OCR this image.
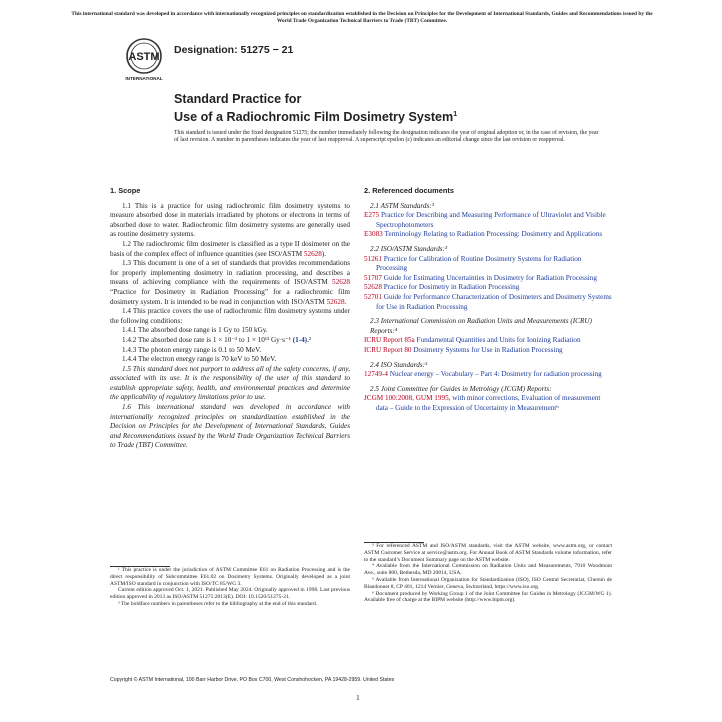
This international standard was developed in accordance with internationally recognized principles on standardization established in the Decision on Principles for the Development of International Standards, Guides and Recommendations issued by the World Trade Organization Technical Barriers to Trade (TBT) Committee.
ASTM
INTERNATIONAL
Designation: 51275 − 21
Standard Practice for
Use of a Radiochromic Film Dosimetry System$^1$
This standard is issued under the fixed designation 51275; the number immediately following the designation indicates the year of original adoption or, in the case of revision, the year of last revision. A number in parentheses indicates the year of last reapproval. A superscript epsilon (ε) indicates an editorial change since the last revision or reapproval.
1. Scope

1.1 This is a practice for using radiochromic film dosimetry systems to measure absorbed dose in materials irradiated by photons or electrons in terms of absorbed dose to water. Radiochromic film dosimetry systems are generally used as routine dosimetry systems.

1.2 The radiochromic film dosimeter is classified as a type II dosimeter on the basis of the complex effect of influence quantities (see ISO/ASTM 52628).

1.3 This document is one of a set of standards that provides recommendations for properly implementing dosimetry in radiation processing, and describes a means of achieving compliance with the requirements of ISO/ASTM 52628 “Practice for Dosimetry in Radiation Processing” for a radiochromic film dosimetry system. It is intended to be read in conjunction with ISO/ASTM 52628.

1.4 This practice covers the use of radiochromic film dosimetry systems under the following conditions:

1.4.1 The absorbed dose range is 1 Gy to 150 kGy.

1.4.2 The absorbed dose rate is 1 × 10⁻² to 1 × 10¹³ Gy·s⁻¹ (1-4).²

1.4.3 The photon energy range is 0.1 to 50 MeV.

1.4.4 The electron energy range is 70 keV to 50 MeV.

1.5 This standard does not purport to address all of the safety concerns, if any, associated with its use. It is the responsibility of the user of this standard to establish appropriate safety, health, and environmental practices and determine the applicability of regulatory limitations prior to use.

1.6 This international standard was developed in accordance with internationally recognized principles on standardization established in the Decision on Principles for the Development of International Standards, Guides and Recommendations issued by the World Trade Organization Technical Barriers to Trade (TBT) Committee.

¹ This practice is under the jurisdiction of ASTM Committee E61 on Radiation Processing and is the direct responsibility of Subcommittee E61.02 on Dosimetry Systems. Originally developed as a joint ASTM/ISO standard in conjunction with ISO/TC 85/WG 3.

Current edition approved Oct. 1, 2021. Published May 2024. Originally approved in 1998. Last previous edition approved in 2013 as ISO/ASTM 51275:2013(E). DOI: 10.1520/51275-21.

² The boldface numbers in parentheses refer to the bibliography at the end of this standard.

2. Referenced documents

2.1 ASTM Standards:³

E275 Practice for Describing and Measuring Performance of Ultraviolet and Visible Spectrophotometers

E3083 Terminology Relating to Radiation Processing: Dosimetry and Applications

2.2 ISO/ASTM Standards:³

51261 Practice for Calibration of Routine Dosimetry Systems for Radiation Processing

51707 Guide for Estimating Uncertainties in Dosimetry for Radiation Processing

52628 Practice for Dosimetry in Radiation Processing

52701 Guide for Performance Characterization of Dosimeters and Dosimetry Systems for Use in Radiation Processing

2.3 International Commission on Radiation Units and Measurements (ICRU) Reports:⁴

ICRU Report 85a Fundamental Quantities and Units for Ionizing Radiation

ICRU Report 80 Dosimetry Systems for Use in Radiation Processing

2.4 ISO Standards:⁵

12749-4 Nuclear energy – Vocabulary – Part 4: Dosimetry for radiation processing

2.5 Joint Committee for Guides in Metrology (JCGM) Reports:

JCGM 100:2008, GUM 1995, with minor corrections, Evaluation of measurement data – Guide to the Expression of Uncertainty in Measurement⁶

³ For referenced ASTM and ISO/ASTM standards, visit the ASTM website, www.astm.org, or contact ASTM Customer Service at service@astm.org. For Annual Book of ASTM Standards volume information, refer to the standard’s Document Summary page on the ASTM website.

⁴ Available from the International Commission on Radiation Units and Measurements, 7910 Woodmont Ave., suite 800, Bethesda, MD 20814, USA.

⁵ Available from International Organization for Standardization (ISO), ISO Central Secretariat, Chemin de Blandonnet 8, CP 401, 1214 Vernier, Geneva, Switzerland, https://www.iso.org.

⁶ Document produced by Working Group 1 of the Joint Committee for Guides in Metrology (JCGM/WG 1). Available free of charge at the BIPM website (http://www.bipm.org).

Copyright © ASTM International, 100 Barr Harbor Drive, PO Box C700, West Conshohocken, PA 19428-2959. United States
1
